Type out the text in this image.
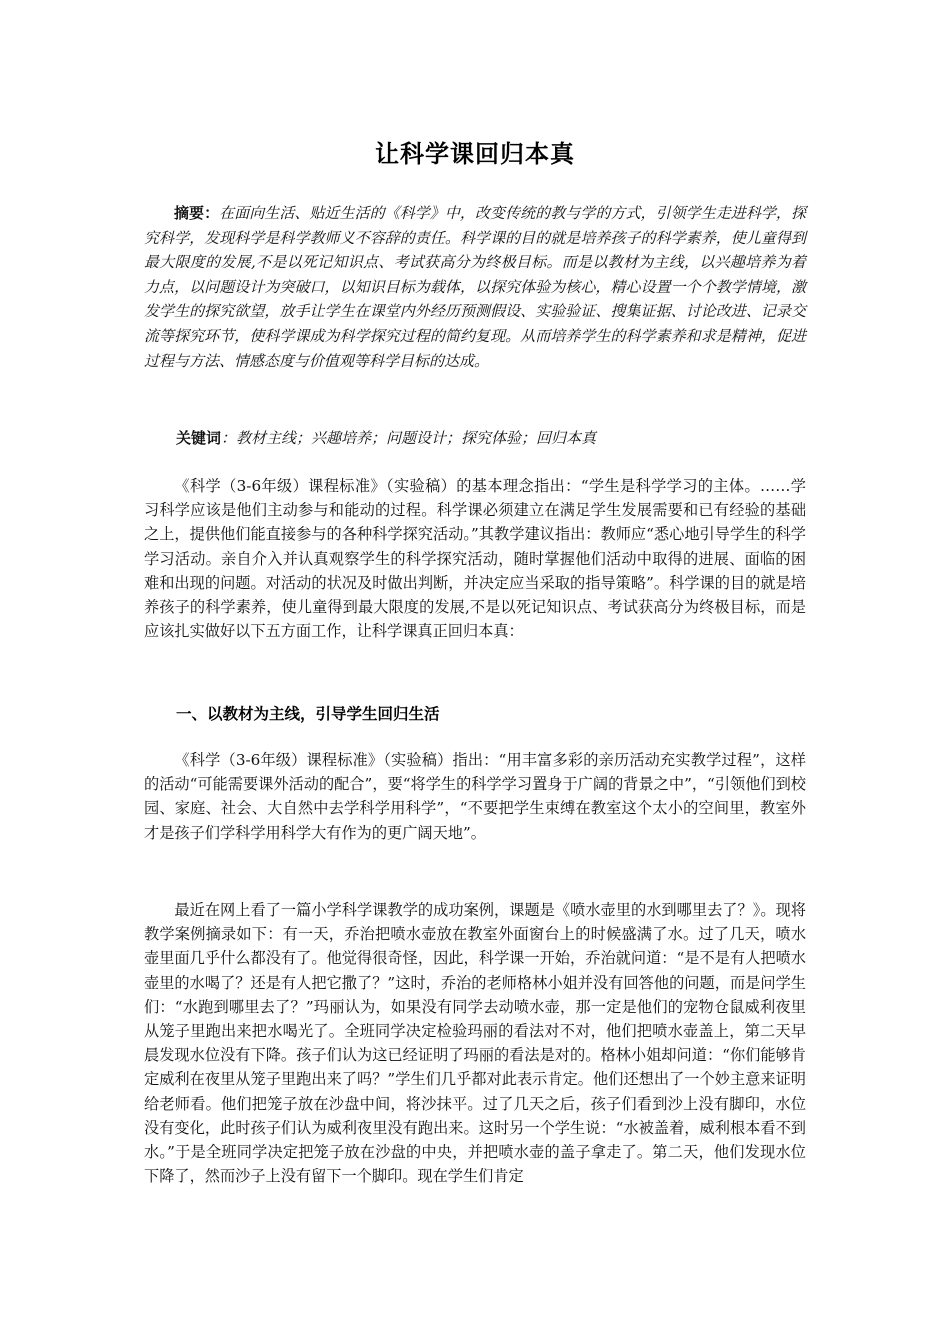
让科学课回归本真

摘要：在面向生活、贴近生活的《科学》中，改变传统的教与学的方式，引领学生走进科学，探究科学，发现科学是科学教师义不容辞的责任。科学课的目的就是培养孩子的科学素养，使儿童得到最大限度的发展,不是以死记知识点、考试获高分为终极目标。而是以教材为主线，以兴趣培养为着力点，以问题设计为突破口，以知识目标为载体，以探究体验为核心，精心设置一个个教学情境，激发学生的探究欲望，放手让学生在课堂内外经历预测假设、实验验证、搜集证据、讨论改进、记录交流等探究环节，使科学课成为科学探究过程的简约复现。从而培养学生的科学素养和求是精神，促进过程与方法、情感态度与价值观等科学目标的达成。

关键词：教材主线；兴趣培养；问题设计；探究体验；回归本真

《科学（3-6年级）课程标准》（实验稿）的基本理念指出：“学生是科学学习的主体。……学习科学应该是他们主动参与和能动的过程。科学课必须建立在满足学生发展需要和已有经验的基础之上，提供他们能直接参与的各种科学探究活动。”其教学建议指出：教师应“悉心地引导学生的科学学习活动。亲自介入并认真观察学生的科学探究活动，随时掌握他们活动中取得的进展、面临的困难和出现的问题。对活动的状况及时做出判断，并决定应当采取的指导策略”。科学课的目的就是培养孩子的科学素养，使儿童得到最大限度的发展,不是以死记知识点、考试获高分为终极目标，而是应该扎实做好以下五方面工作，让科学课真正回归本真：

一、以教材为主线，引导学生回归生活

《科学（3-6年级）课程标准》（实验稿）指出：“用丰富多彩的亲历活动充实教学过程”，这样的活动“可能需要课外活动的配合”，要“将学生的科学学习置身于广阔的背景之中”，“引领他们到校园、家庭、社会、大自然中去学科学用科学”，“不要把学生束缚在教室这个太小的空间里，教室外才是孩子们学科学用科学大有作为的更广阔天地”。

最近在网上看了一篇小学科学课教学的成功案例，课题是《喷水壶里的水到哪里去了？》。现将教学案例摘录如下：有一天，乔治把喷水壶放在教室外面窗台上的时候盛满了水。过了几天，喷水壶里面几乎什么都没有了。他觉得很奇怪，因此，科学课一开始，乔治就问道：“是不是有人把喷水壶里的水喝了？还是有人把它撒了？”这时，乔治的老师格林小姐并没有回答他的问题，而是问学生们：“水跑到哪里去了？”玛丽认为，如果没有同学去动喷水壶，那一定是他们的宠物仓鼠威利夜里从笼子里跑出来把水喝光了。全班同学决定检验玛丽的看法对不对，他们把喷水壶盖上，第二天早晨发现水位没有下降。孩子们认为这已经证明了玛丽的看法是对的。格林小姐却问道：“你们能够肯定威利在夜里从笼子里跑出来了吗？”学生们几乎都对此表示肯定。他们还想出了一个妙主意来证明给老师看。他们把笼子放在沙盘中间，将沙抹平。过了几天之后，孩子们看到沙上没有脚印，水位没有变化，此时孩子们认为威利夜里没有跑出来。这时另一个学生说：“水被盖着，威利根本看不到水。”于是全班同学决定把笼子放在沙盘的中央，并把喷水壶的盖子拿走了。第二天，他们发现水位下降了，然而沙子上没有留下一个脚印。现在学生们肯定
